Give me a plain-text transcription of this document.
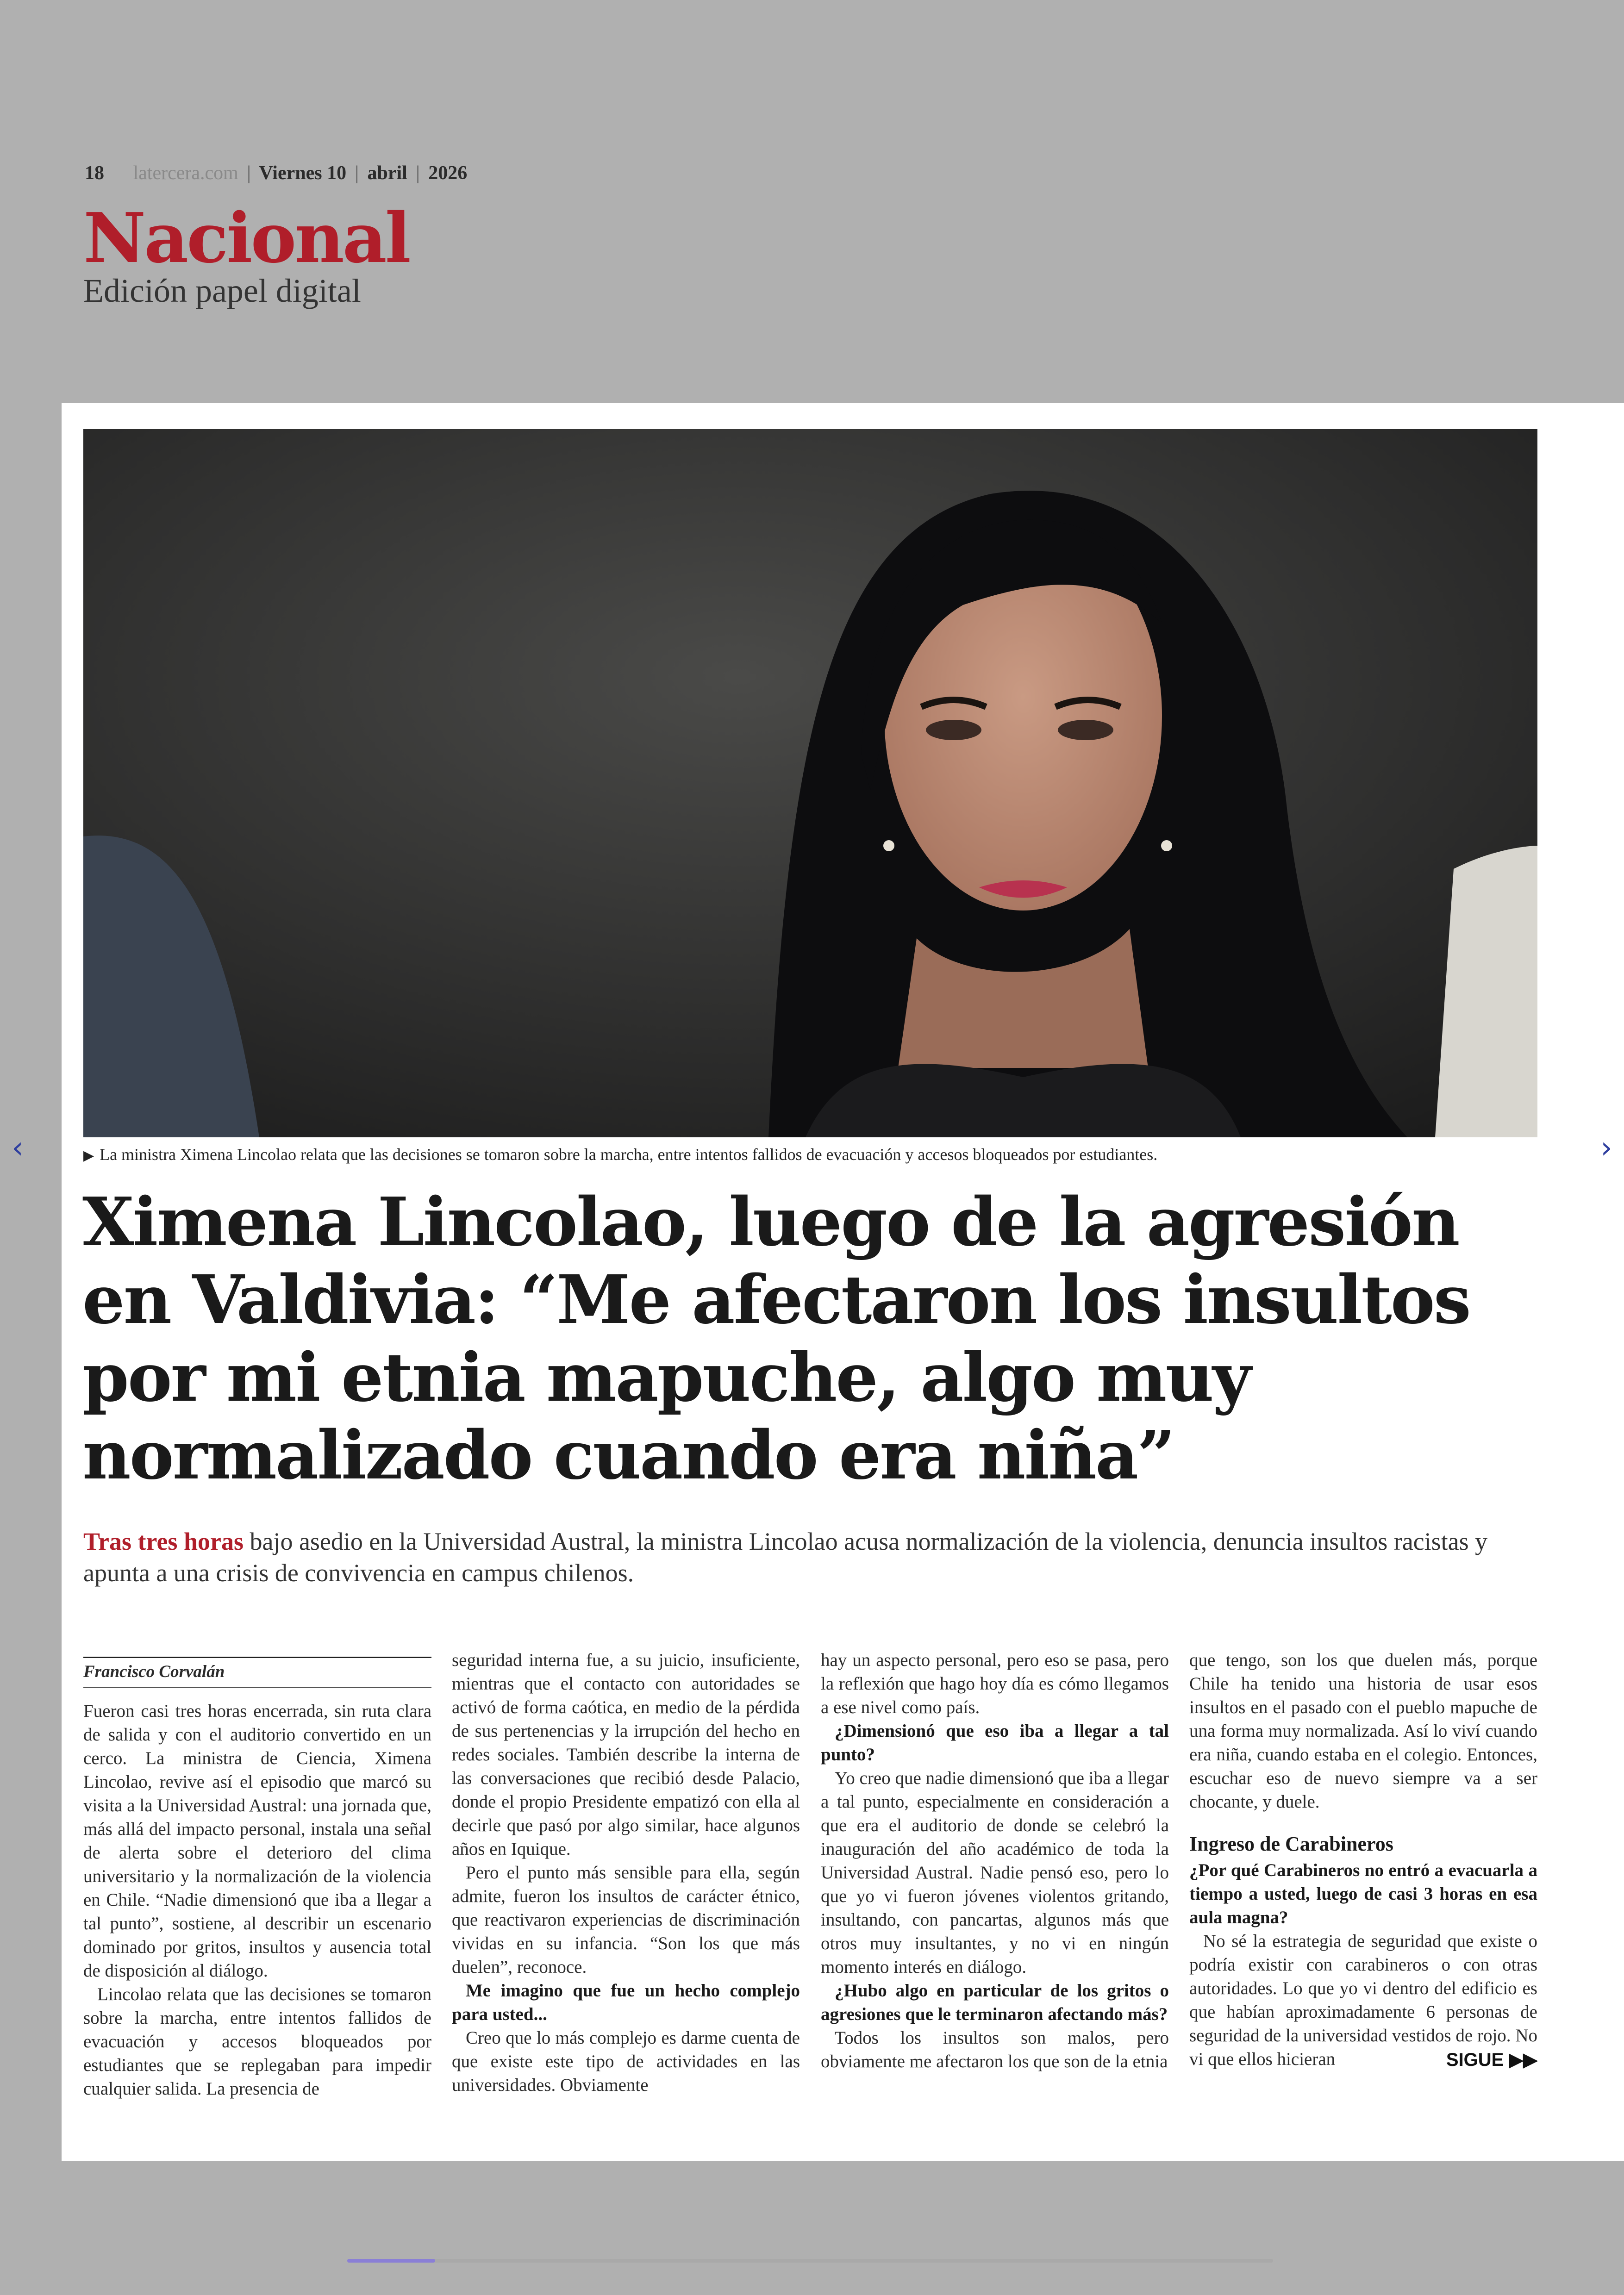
18 latercera.com | Viernes 10 | abril | 2026
Nacional
Edición papel digital
▶ La ministra Ximena Lincolao relata que las decisiones se tomaron sobre la marcha, entre intentos fallidos de evacuación y accesos bloqueados por estudiantes.
Ximena Lincolao, luego de la agresión en Valdivia: “Me afectaron los insultos por mi etnia mapuche, algo muy normalizado cuando era niña”
Tras tres horas bajo asedio en la Universidad Austral, la ministra Lincolao acusa normalización de la violencia, denuncia insultos racistas y apunta a una crisis de convivencia en campus chilenos.
Francisco Corvalán

Fueron casi tres horas encerrada, sin ruta clara de salida y con el auditorio convertido en un cerco. La ministra de Ciencia, Ximena Lincolao, revive así el episodio que marcó su visita a la Universidad Austral: una jornada que, más allá del impacto personal, instala una señal de alerta sobre el deterioro del clima universitario y la normalización de la violencia en Chile. “Nadie dimensionó que iba a llegar a tal punto”, sostiene, al describir un escenario dominado por gritos, insultos y ausencia total de disposición al diálogo.

Lincolao relata que las decisiones se tomaron sobre la marcha, entre intentos fallidos de evacuación y accesos bloqueados por estudiantes que se replegaban para impedir cualquier salida. La presencia de

seguridad interna fue, a su juicio, insuficiente, mientras que el contacto con autoridades se activó de forma caótica, en medio de la pérdida de sus pertenencias y la irrupción del hecho en redes sociales. También describe la interna de las conversaciones que recibió desde Palacio, donde el propio Presidente empatizó con ella al decirle que pasó por algo similar, hace algunos años en Iquique.

Pero el punto más sensible para ella, según admite, fueron los insultos de carácter étnico, que reactivaron experiencias de discriminación vividas en su infancia. “Son los que más duelen”, reconoce.

Me imagino que fue un hecho complejo para usted...

Creo que lo más complejo es darme cuenta de que existe este tipo de actividades en las universidades. Obviamente

hay un aspecto personal, pero eso se pasa, pero la reflexión que hago hoy día es cómo llegamos a ese nivel como país.

¿Dimensionó que eso iba a llegar a tal punto?

Yo creo que nadie dimensionó que iba a llegar a tal punto, especialmente en consideración a que era el auditorio de donde se celebró la inauguración del año académico de toda la Universidad Austral. Nadie pensó eso, pero lo que yo vi fueron jóvenes violentos gritando, insultando, con pancartas, algunos más que otros muy insultantes, y no vi en ningún momento interés en diálogo.

¿Hubo algo en particular de los gritos o agresiones que le terminaron afectando más?

Todos los insultos son malos, pero obviamente me afectaron los que son de la etnia

que tengo, son los que duelen más, porque Chile ha tenido una historia de usar esos insultos en el pasado con el pueblo mapuche de una forma muy normalizada. Así lo viví cuando era niña, cuando estaba en el colegio. Entonces, escuchar eso de nuevo siempre va a ser chocante, y duele.

Ingreso de Carabineros

¿Por qué Carabineros no entró a evacuarla a tiempo a usted, luego de casi 3 horas en esa aula magna?

No sé la estrategia de seguridad que existe o podría existir con carabineros o con otras autoridades. Lo que yo vi dentro del edificio es que habían aproximadamente 6 personas de seguridad de la universidad vestidos de rojo. No vi que ellos hicieran	SIGUE ▶▶
‹	›
